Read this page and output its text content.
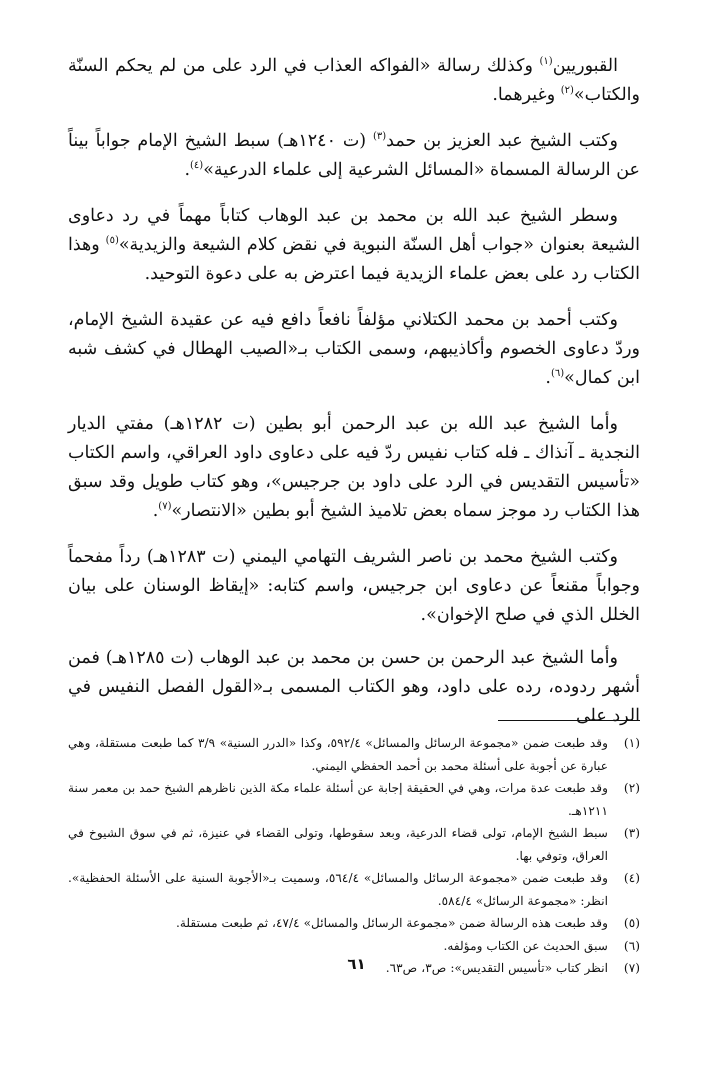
القبوريين$^{(١)}$ وكذلك رسالة «الفواكه العذاب في الرد على من لم يحكم السنّة والكتاب»$^{(٢)}$ وغيرهما.

وكتب الشيخ عبد العزيز بن حمد$^{(٣)}$ (ت ١٢٤٠هـ) سبط الشيخ الإمام جواباً بيناً عن الرسالة المسماة «المسائل الشرعية إلى علماء الدرعية»$^{(٤)}$.

وسطر الشيخ عبد الله بن محمد بن عبد الوهاب كتاباً مهماً في رد دعاوى الشيعة بعنوان «جواب أهل السنّة النبوية في نقض كلام الشيعة والزيدية»$^{(٥)}$ وهذا الكتاب رد على بعض علماء الزيدية فيما اعترض به على دعوة التوحيد.

وكتب أحمد بن محمد الكتلاني مؤلفاً نافعاً دافع فيه عن عقيدة الشيخ الإمام، وردّ دعاوى الخصوم وأكاذيبهم، وسمى الكتاب بـ«الصيب الهطال في كشف شبه ابن كمال»$^{(٦)}$.

وأما الشيخ عبد الله بن عبد الرحمن أبو بطين (ت ١٢٨٢هـ) مفتي الديار النجدية ـ آنذاك ـ فله كتاب نفيس ردّ فيه على دعاوى داود العراقي، واسم الكتاب «تأسيس التقديس في الرد على داود بن جرجيس»، وهو كتاب طويل وقد سبق هذا الكتاب رد موجز سماه بعض تلاميذ الشيخ أبو بطين «الانتصار»$^{(٧)}$.

وكتب الشيخ محمد بن ناصر الشريف التهامي اليمني (ت ١٢٨٣هـ) رداً مفحماً وجواباً مقنعاً عن دعاوى ابن جرجيس، واسم كتابه: «إيقاظ الوسنان على بيان الخلل الذي في صلح الإخوان».

وأما الشيخ عبد الرحمن بن حسن بن محمد بن عبد الوهاب (ت ١٢٨٥هـ) فمن أشهر ردوده، رده على داود، وهو الكتاب المسمى بـ«القول الفصل النفيس في الرد على

(١)
وقد طبعت ضمن «مجموعة الرسائل والمسائل» ٥٩٢/٤، وكذا «الدرر السنية» ٣/٩ كما طبعت مستقلة، وهي عبارة عن أجوبة على أسئلة محمد بن أحمد الحفظي اليمني.
(٢)
وقد طبعت عدة مرات، وهي في الحقيقة إجابة عن أسئلة علماء مكة الذين ناظرهم الشيخ حمد بن معمر سنة ١٢١١هـ.
(٣)
سبط الشيخ الإمام، تولى قضاء الدرعية، وبعد سقوطها، وتولى القضاء في عنيزة، ثم في سوق الشيوخ في العراق، وتوفي بها.
(٤)
وقد طبعت ضمن «مجموعة الرسائل والمسائل» ٥٦٤/٤، وسميت بـ«الأجوبة السنية على الأسئلة الحفظية». انظر: «مجموعة الرسائل» ٥٨٤/٤.
(٥)
وقد طبعت هذه الرسالة ضمن «مجموعة الرسائل والمسائل» ٤٧/٤، ثم طبعت مستقلة.
(٦)
سبق الحديث عن الكتاب ومؤلفه.
(٧)
انظر كتاب «تأسيس التقديس»: ص٣، ص٦٣.
٦١
